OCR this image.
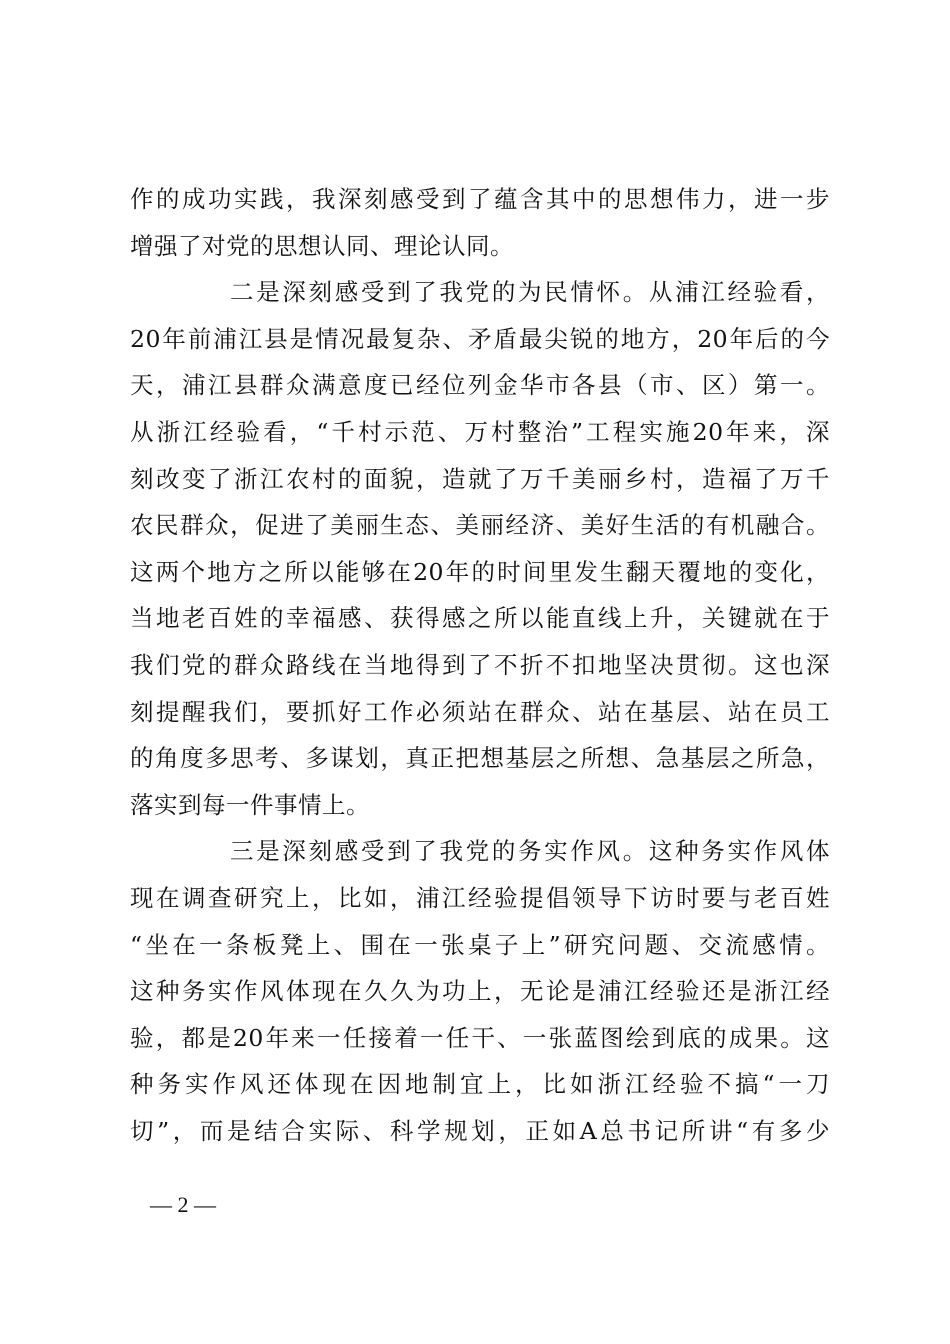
作的成功实践，我深刻感受到了蕴含其中的思想伟力，进一步
增强了对党的思想认同、理论认同。
二是深刻感受到了我党的为民情怀。从浦江经验看，
20年前浦江县是情况最复杂、矛盾最尖锐的地方，20年后的今
天，浦江县群众满意度已经位列金华市各县（市、区）第一。
从浙江经验看，“千村示范、万村整治”工程实施20年来，深
刻改变了浙江农村的面貌，造就了万千美丽乡村，造福了万千
农民群众，促进了美丽生态、美丽经济、美好生活的有机融合。
这两个地方之所以能够在20年的时间里发生翻天覆地的变化，
当地老百姓的幸福感、获得感之所以能直线上升，关键就在于
我们党的群众路线在当地得到了不折不扣地坚决贯彻。这也深
刻提醒我们，要抓好工作必须站在群众、站在基层、站在员工
的角度多思考、多谋划，真正把想基层之所想、急基层之所急，
落实到每一件事情上。
三是深刻感受到了我党的务实作风。这种务实作风体
现在调查研究上，比如，浦江经验提倡领导下访时要与老百姓
“坐在一条板凳上、围在一张桌子上”研究问题、交流感情。
这种务实作风体现在久久为功上，无论是浦江经验还是浙江经
验，都是20年来一任接着一任干、一张蓝图绘到底的成果。这
种务实作风还体现在因地制宜上，比如浙江经验不搞“一刀
切”，而是结合实际、科学规划，正如A总书记所讲“有多少
— 2 —
